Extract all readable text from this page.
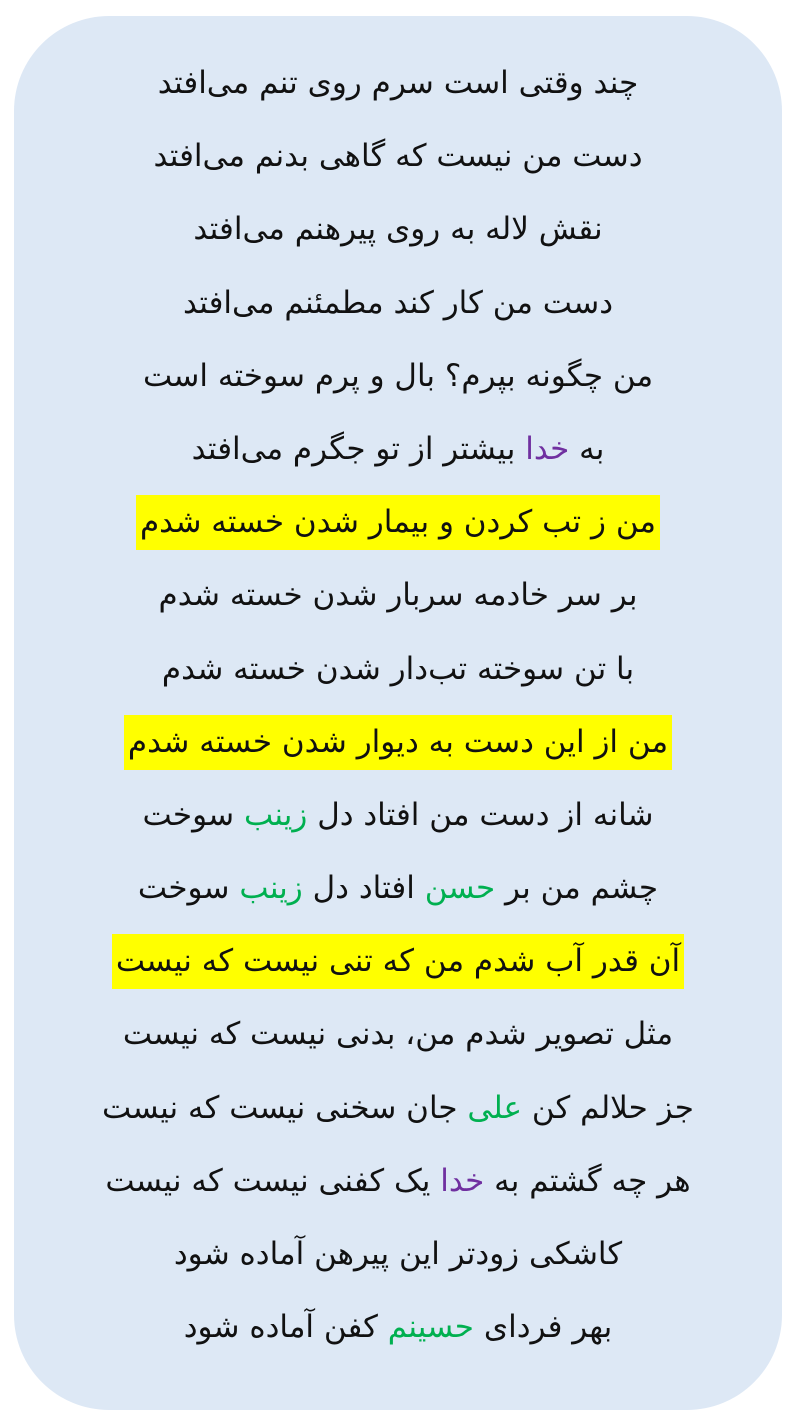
چند وقتی است سرم روی تنم می‌افتد
دست من نیست که گاهی بدنم می‌افتد
نقش لاله به روی پیرهنم می‌افتد
دست من کار کند مطمئنم می‌افتد
من چگونه بپرم؟ بال و پرم سوخته است
به خدا بیشتر از تو جگرم می‌افتد
من ز تب کردن و بیمار شدن خسته شدم
بر سر خادمه سربار شدن خسته شدم
با تن سوخته تب‌دار شدن خسته شدم
من از این دست به دیوار شدن خسته شدم
شانه از دست من افتاد دل زینب سوخت
چشم من بر حسن افتاد دل زینب سوخت
آن قدر آب شدم من که تنی نیست که نیست
مثل تصویر شدم من، بدنی نیست که نیست
جز حلالم کن علی جان سخنی نیست که نیست
هر چه گشتم به خدا یک کفنی نیست که نیست
کاشکی زودتر این پیرهن آماده شود
بهر فردای حسینم کفن آماده شود
